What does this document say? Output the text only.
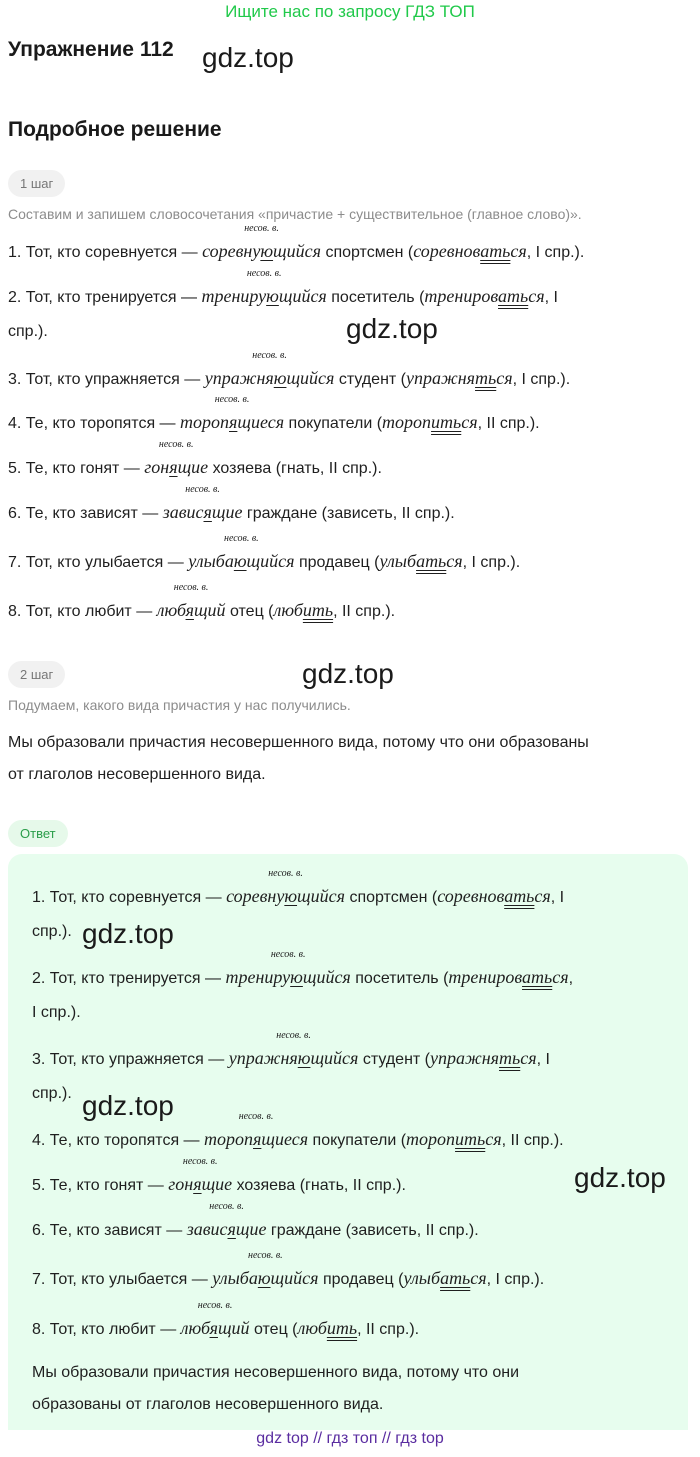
Ищите нас по запросу ГДЗ ТОП
Упражнение 112 gdz.top
Подробное решение
1 шаг
Составим и запишем словосочетания «причастие + существительное (главное слово)».
1. Тот, кто соревнуется —
несов. в.
соревнующийся спортсмен (соревноваться, I спр.).
2. Тот, кто тренируется —
несов. в.
тренирующийся посетитель (тренироваться, I
спр.).	gdz.top
3. Тот, кто упражняется —
несов. в.
упражняющийся студент (упражняться, I спр.).
4. Те, кто торопятся —
несов. в.
торопящиеся покупатели (торопиться, II спр.).
5. Те, кто гонят —
несов. в.
гонящие хозяева (гнать, II спр.).
6. Те, кто зависят —
несов. в.
зависящие граждане (зависеть, II спр.).
7. Тот, кто улыбается —
несов. в.
улыбающийся продавец (улыбаться, I спр.).
8. Тот, кто любит —
несов. в.
любящий отец (любить, II спр.).
2 шаг	gdz.top
Подумаем, какого вида причастия у нас получились.
Мы образовали причастия несовершенного вида, потому что они образованы
от глаголов несовершенного вида.
Ответ
1. Тот, кто соревнуется —
несов. в.
соревнующийся спортсмен (соревноваться, I
спр.). gdz.top
2. Тот, кто тренируется —
несов. в.
тренирующийся посетитель (тренироваться,
I спр.).
3. Тот, кто упражняется —
несов. в.
упражняющийся студент (упражняться, I
спр.). gdz.top
4. Те, кто торопятся —
несов. в.
торопящиеся покупатели (торопиться, II спр.).
5. Те, кто гонят —
несов. в.
гонящие хозяева (гнать, II спр.).	gdz.top
6. Те, кто зависят —
несов. в.
зависящие граждане (зависеть, II спр.).
7. Тот, кто улыбается —
несов. в.
улыбающийся продавец (улыбаться, I спр.).
8. Тот, кто любит —
несов. в.
любящий отец (любить, II спр.).
Мы образовали причастия несовершенного вида, потому что они
образованы от глаголов несовершенного вида.
gdz top // гдз топ // гдз top
